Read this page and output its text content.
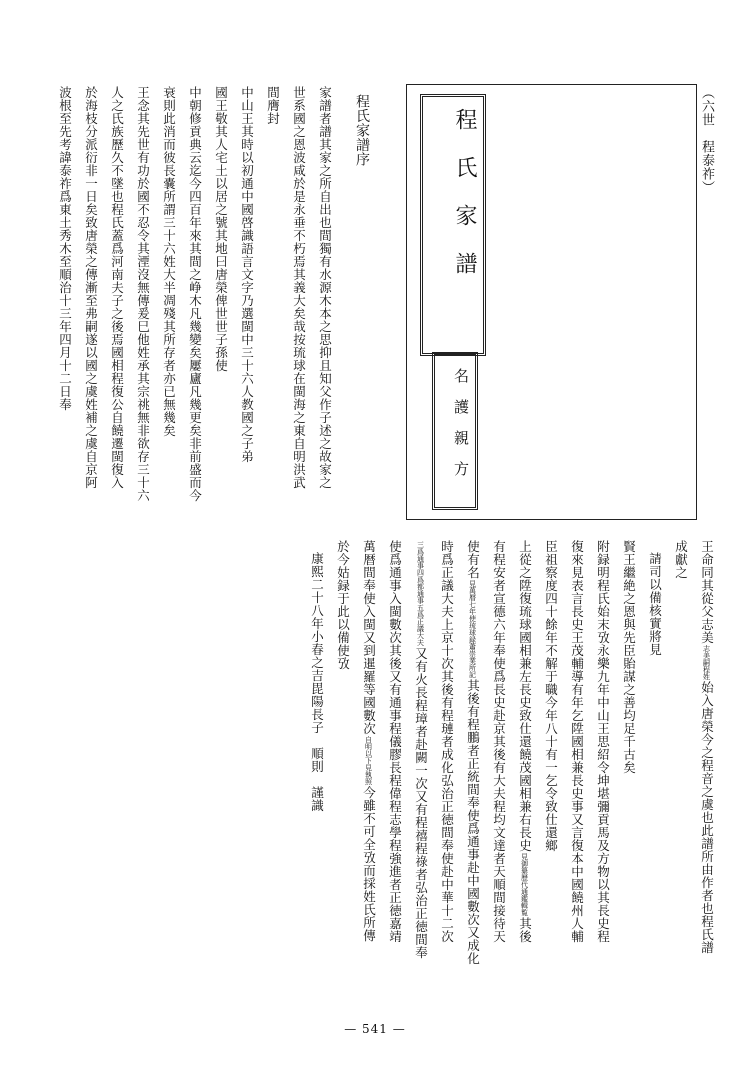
（六世　程泰祚）
程氏家譜
名護親方
程氏家譜序
家譜者譜其家之所自出也間獨有水源木本之思抑且知父作子述之故家之
世系國之恩波咸於是永垂不朽焉其義大矣哉按琉球在閩海之東自明洪武
間膺封
中山王其時以初通中國啓識語言文字乃選閩中三十六人教國之子弟
國王敬其人宅土以居之號其地曰唐榮俾世世子孫使
中朝修貢典云迄今四百年來其間之峥木凡幾變矣屢廬凡幾更矣非前盛而今
衰則此消而彼長嚢所謂三十六姓大半凋殘其所存者亦已無幾矣
王念其先世有功於國不忍令其湮沒無傳爰巳他姓承其宗祧無非欲存三十六
人之氏族歷久不墜也程氏蓋爲河南夫子之後焉國相程復公自饒遷閩復入
於海枝分派衍非一日矣致唐榮之傳漸至弗嗣遂以國之虞姓補之虞自京阿
波根至先考諱泰祚爲東土秀木至順治十三年四月十二日奉
王命同其從父志美志美嗣程姓始入唐榮今之程音之虞也此譜所由作者也程氏譜
成獻之
請司以備核實將見
賢王繼絶之恩與先臣貽謀之善均足千古矣
附録明程氏始末攷永樂九年中山王思紹令坤堪彌貢馬及方物以其長史程
復來見表言長史王茂輔導有年乞陞國相兼長史事又言復本中國饒州人輔
臣祖察度四十餘年不解于職今年八十有一乞令致仕還鄉
上從之陞復琉球國相兼左長史致仕還饒茂國相兼右長史見御纂歷代通鑑輯覧其後
有程安者宣德六年奉使爲長史赴京其後有大夫程均文達者天順間接待天
使有名見萬暦七年使琉球録蕭崇業所記其後有程鵬者正統間奉使爲通事赴中國數次又成化
時爲正議大夫上京十次其後有程璉者成化弘治正徳間奉使赴中華十二次
三爲通事四爲都通事五爲正議大夫又有火長程璋者赴闕一次又有程禧程祿者弘治正徳間奉
使爲通事入閩數次其後又有通事程儀膠長程偉程志學程強進者正徳嘉靖
萬暦間奉使入閩又到暹羅等國數次自明以下見執照今雖不可全攷而採姓氏所傳
於今姑録于此以備使攷
康熙二十八年小春之吉毘陽長子　順則　謹識
— 541 —
